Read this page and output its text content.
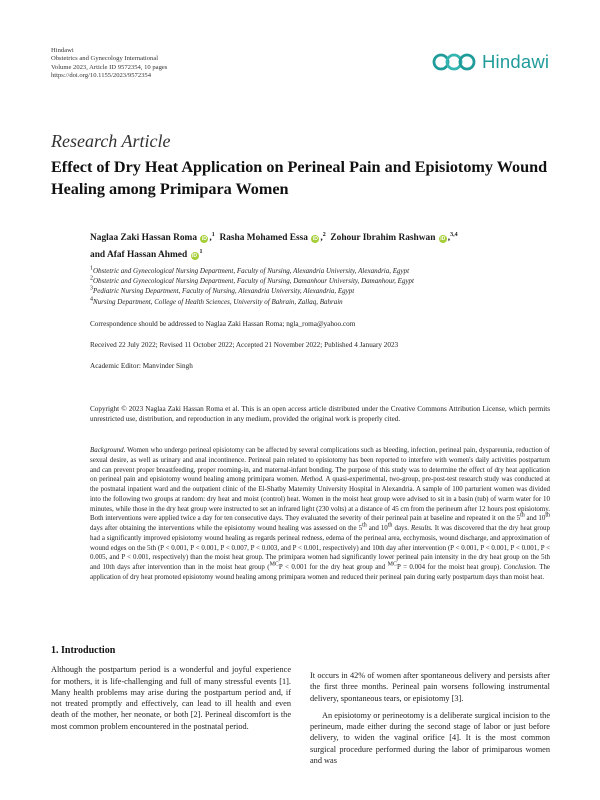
Hindawi
Obstetrics and Gynecology International
Volume 2023, Article ID 9572354, 10 pages
https://doi.org/10.1155/2023/9572354
Hindawi
Research Article
Effect of Dry Heat Application on Perineal Pain and Episiotomy Wound Healing among Primipara Women
Naglaa Zaki Hassan Roma iD ,$^1$ Rasha Mohamed Essa iD ,$^2$ Zohour Ibrahim Rashwan iD ,$^{3,4}$
and Afaf Hassan Ahmed $iD^1$
1Obstetric and Gynecological Nursing Department, Faculty of Nursing, Alexandria University, Alexandria, Egypt
2Obstetric and Gynecological Nursing Department, Faculty of Nursing, Damanhour University, Damanhour, Egypt
3Pediatric Nursing Department, Faculty of Nursing, Alexandria University, Alexandria, Egypt
4Nursing Department, College of Health Sciences, University of Bahrain, Zallaq, Bahrain
Correspondence should be addressed to Naglaa Zaki Hassan Roma; ngla_roma@yahoo.com
Received 22 July 2022; Revised 11 October 2022; Accepted 21 November 2022; Published 4 January 2023
Academic Editor: Manvinder Singh
Copyright © 2023 Naglaa Zaki Hassan Roma et al. This is an open access article distributed under the Creative Commons Attribution License, which permits unrestricted use, distribution, and reproduction in any medium, provided the original work is properly cited.
Background. Women who undergo perineal episiotomy can be affected by several complications such as bleeding, infection, perineal pain, dyspareunia, reduction of sexual desire, as well as urinary and anal incontinence. Perineal pain related to episiotomy has been reported to interfere with women's daily activities postpartum and can prevent proper breastfeeding, proper rooming-in, and maternal-infant bonding. The purpose of this study was to determine the effect of dry heat application on perineal pain and episiotomy wound healing among primipara women. Method. A quasi-experimental, two-group, pre-post-test research study was conducted at the postnatal inpatient ward and the outpatient clinic of the El-Shatby Maternity University Hospital in Alexandria. A sample of 100 parturient women was divided into the following two groups at random: dry heat and moist (control) heat. Women in the moist heat group were advised to sit in a basin (tub) of warm water for 10 minutes, while those in the dry heat group were instructed to set an infrared light (230 volts) at a distance of 45 cm from the perineum after 12 hours post episiotomy. Both interventions were applied twice a day for ten consecutive days. They evaluated the severity of their perineal pain at baseline and repeated it on the 5th and 10th days after obtaining the interventions while the episiotomy wound healing was assessed on the 5th and 10th days. Results. It was discovered that the dry heat group had a significantly improved episiotomy wound healing as regards perineal redness, edema of the perineal area, ecchymosis, wound discharge, and approximation of wound edges on the 5th (P < 0.001, P < 0.001, P < 0.007, P < 0.003, and P < 0.001, respectively) and 10th day after intervention (P < 0.001, P < 0.001, P < 0.001, P < 0.005, and P < 0.001, respectively) than the moist heat group. The primipara women had significantly lower perineal pain intensity in the dry heat group on the 5th and 10th days after intervention than in the moist heat group ($^{MC}$P < 0.001 for the dry heat group and $^{MC}$P = 0.004 for the moist heat group). Conclusion. The application of dry heat promoted episiotomy wound healing among primipara women and reduced their perineal pain during early postpartum days than moist heat.
1. Introduction

Although the postpartum period is a wonderful and joyful experience for mothers, it is life-challenging and full of many stressful events [1]. Many health problems may arise during the postpartum period and, if not treated promptly and effectively, can lead to ill health and even death of the mother, her neonate, or both [2]. Perineal discomfort is the most common problem encountered in the postnatal period.

It occurs in 42% of women after spontaneous delivery and persists after the first three months. Perineal pain worsens following instrumental delivery, spontaneous tears, or episiotomy [3].

An episiotomy or perineotomy is a deliberate surgical incision to the perineum, made either during the second stage of labor or just before delivery, to widen the vaginal orifice [4]. It is the most common surgical procedure performed during the labor of primiparous women and was
